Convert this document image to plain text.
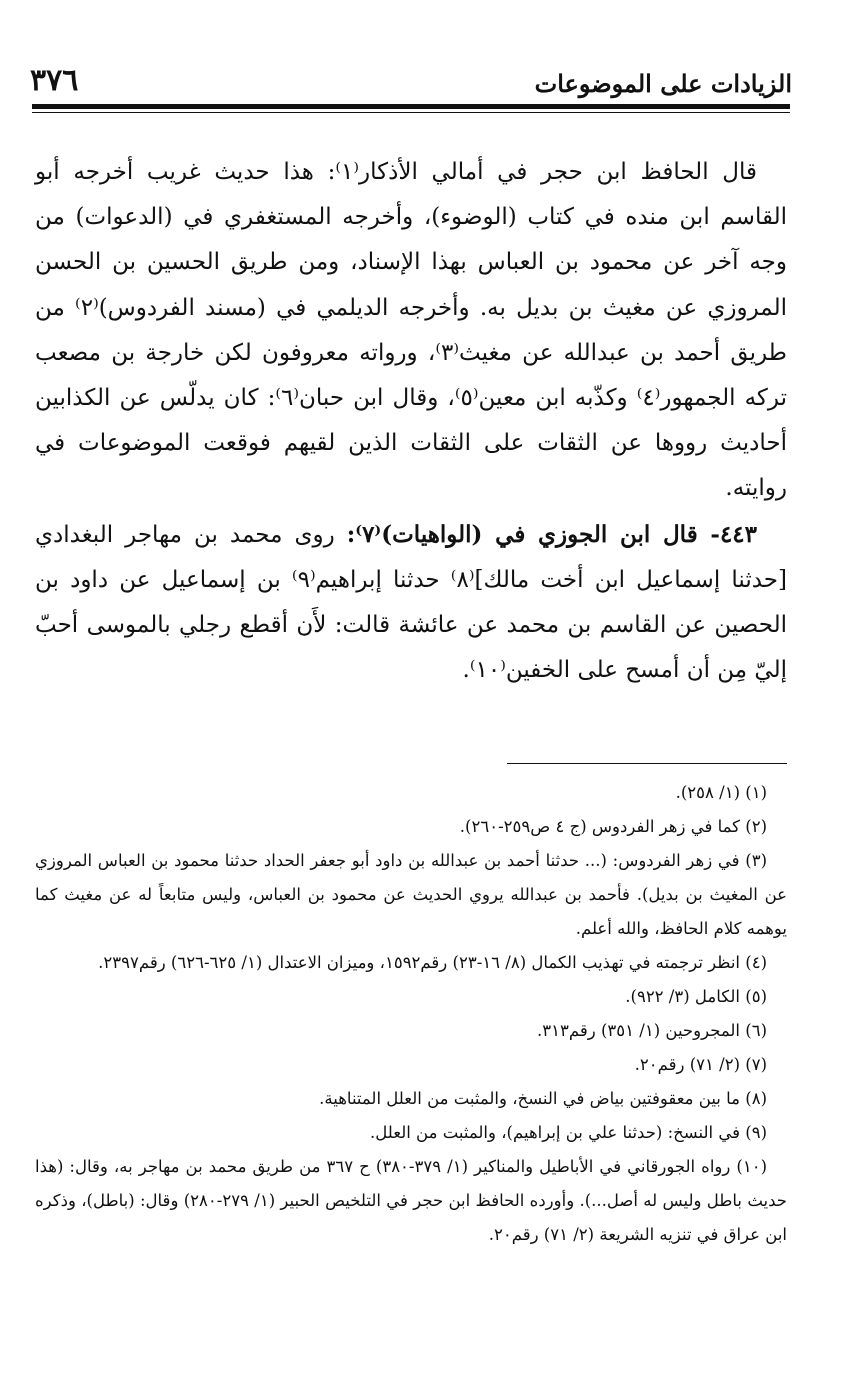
الزيادات على الموضوعات
٣٧٦

قال الحافظ ابن حجر في أمالي الأذكار⁽١⁾: هذا حديث غريب أخرجه أبو القاسم ابن منده في كتاب (الوضوء)، وأخرجه المستغفري في (الدعوات) من وجه آخر عن محمود بن العباس بهذا الإسناد، ومن طريق الحسين بن الحسن المروزي عن مغيث بن بديل به. وأخرجه الديلمي في (مسند الفردوس)⁽٢⁾ من طريق أحمد بن عبدالله عن مغيث⁽٣⁾، ورواته معروفون لكن خارجة بن مصعب تركه الجمهور⁽٤⁾ وكذّبه ابن معين⁽٥⁾، وقال ابن حبان⁽٦⁾: كان يدلّس عن الكذابين أحاديث رووها عن الثقات على الثقات الذين لقيهم فوقعت الموضوعات في روايته.

٤٤٣- قال ابن الجوزي في (الواهيات)⁽٧⁾: روى محمد بن مهاجر البغدادي [حدثنا إسماعيل ابن أخت مالك]⁽٨⁾ حدثنا إبراهيم⁽٩⁾ بن إسماعيل عن داود بن الحصين عن القاسم بن محمد عن عائشة قالت: لأَن أقطع رجلي بالموسى أحبّ إليّ مِن أن أمسح على الخفين⁽١٠⁾.

(١) (١/ ٢٥٨).

(٢) كما في زهر الفردوس (ج ٤ ص٢٥٩-٢٦٠).

(٣) في زهر الفردوس: (... حدثنا أحمد بن عبدالله بن داود أبو جعفر الحداد حدثنا محمود بن العباس المروزي عن المغيث بن بديل). فأحمد بن عبدالله يروي الحديث عن محمود بن العباس، وليس متابعاً له عن مغيث كما يوهمه كلام الحافظ، والله أعلم.

(٤) انظر ترجمته في تهذيب الكمال (٨/ ١٦-٢٣) رقم١٥٩٢، وميزان الاعتدال (١/ ٦٢٥-٦٢٦) رقم٢٣٩٧.

(٥) الكامل (٣/ ٩٢٢).

(٦) المجروحين (١/ ٣٥١) رقم٣١٣.

(٧) (٢/ ٧١) رقم٢٠.

(٨) ما بين معقوفتين بياض في النسخ، والمثبت من العلل المتناهية.

(٩) في النسخ: (حدثنا علي بن إبراهيم)، والمثبت من العلل.

(١٠) رواه الجورقاني في الأباطيل والمناكير (١/ ٣٧٩-٣٨٠) ح ٣٦٧ من طريق محمد بن مهاجر به، وقال: (هذا حديث باطل وليس له أصل...). وأورده الحافظ ابن حجر في التلخيص الحبير (١/ ٢٧٩-٢٨٠) وقال: (باطل)، وذكره ابن عراق في تنزيه الشريعة (٢/ ٧١) رقم٢٠.
